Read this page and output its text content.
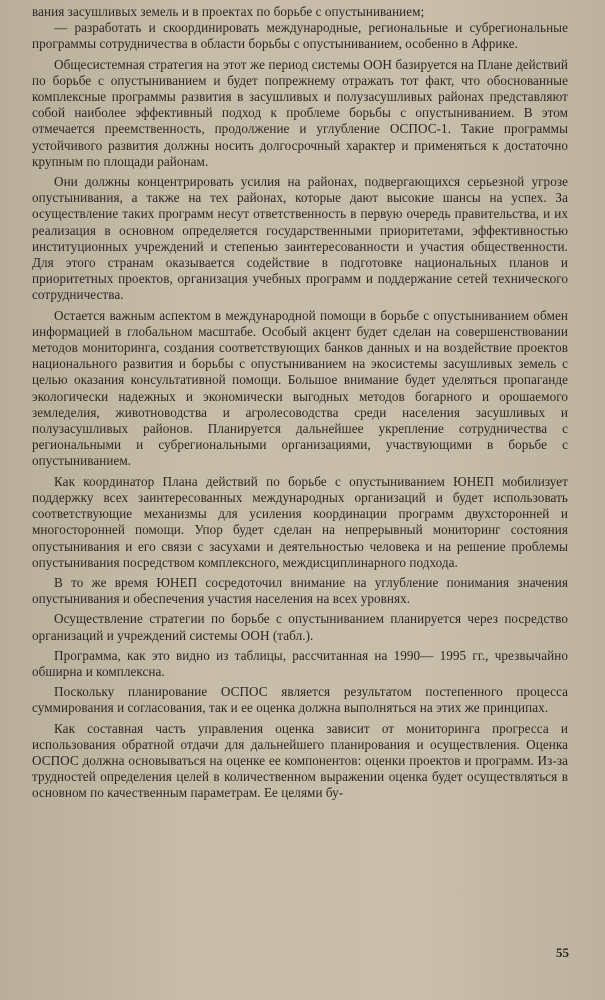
вания засушливых земель и в проектах по борьбе с опустыниванием;

— разработать и скоординировать международные, региональные и субрегиональные программы сотрудничества в области борьбы с опустыниванием, особенно в Африке.

Общесистемная стратегия на этот же период системы ООН базируется на Плане действий по борьбе с опустыниванием и будет попрежнему отражать тот факт, что обоснованные комплексные программы развития в засушливых и полузасушливых районах представляют собой наиболее эффективный подход к проблеме борьбы с опустыниванием. В этом отмечается преемственность, продолжение и углубление ОСПОС-1. Такие программы устойчивого развития должны носить долгосрочный характер и применяться к достаточно крупным по площади районам.

Они должны концентрировать усилия на районах, подвергающихся серьезной угрозе опустынивания, а также на тех районах, которые дают высокие шансы на успех. За осуществление таких программ несут ответственность в первую очередь правительства, и их реализация в основном определяется государственными приоритетами, эффективностью институционных учреждений и степенью заинтересованности и участия общественности. Для этого странам оказывается содействие в подготовке национальных планов и приоритетных проектов, организация учебных программ и поддержание сетей технического сотрудничества.

Остается важным аспектом в международной помощи в борьбе с опустыниванием обмен информацией в глобальном масштабе. Особый акцент будет сделан на совершенствовании методов мониторинга, создания соответствующих банков данных и на воздействие проектов национального развития и борьбы с опустыниванием на экосистемы засушливых земель с целью оказания консультативной помощи. Большое внимание будет уделяться пропаганде экологически надежных и экономически выгодных методов богарного и орошаемого земледелия, животноводства и агролесоводства среди населения засушливых и полузасушливых районов. Планируется дальнейшее укрепление сотрудничества с региональными и субрегиональными организациями, участвующими в борьбе с опустыниванием.

Как координатор Плана действий по борьбе с опустыниванием ЮНЕП мобилизует поддержку всех заинтересованных международных организаций и будет использовать соответствующие механизмы для усиления координации программ двухсторонней и многосторонней помощи. Упор будет сделан на непрерывный мониторинг состояния опустынивания и его связи с засухами и деятельностью человека и на решение проблемы опустынивания посредством комплексного, междисциплинарного подхода.

В то же время ЮНЕП сосредоточил внимание на углубление понимания значения опустынивания и обеспечения участия населения на всех уровнях.

Осуществление стратегии по борьбе с опустыниванием планируется через посредство организаций и учреждений системы ООН (табл.).

Программа, как это видно из таблицы, рассчитанная на 1990— 1995 гг., чрезвычайно обширна и комплексна.

Поскольку планирование ОСПОС является результатом постепенного процесса суммирования и согласования, так и ее оценка должна выполняться на этих же принципах.

Как составная часть управления оценка зависит от мониторинга прогресса и использования обратной отдачи для дальнейшего планирования и осуществления. Оценка ОСПОС должна основываться на оценке ее компонентов: оценки проектов и программ. Из-за трудностей определения целей в количественном выражении оценка будет осуществляться в основном по качественным параметрам. Ее целями бу-

55
